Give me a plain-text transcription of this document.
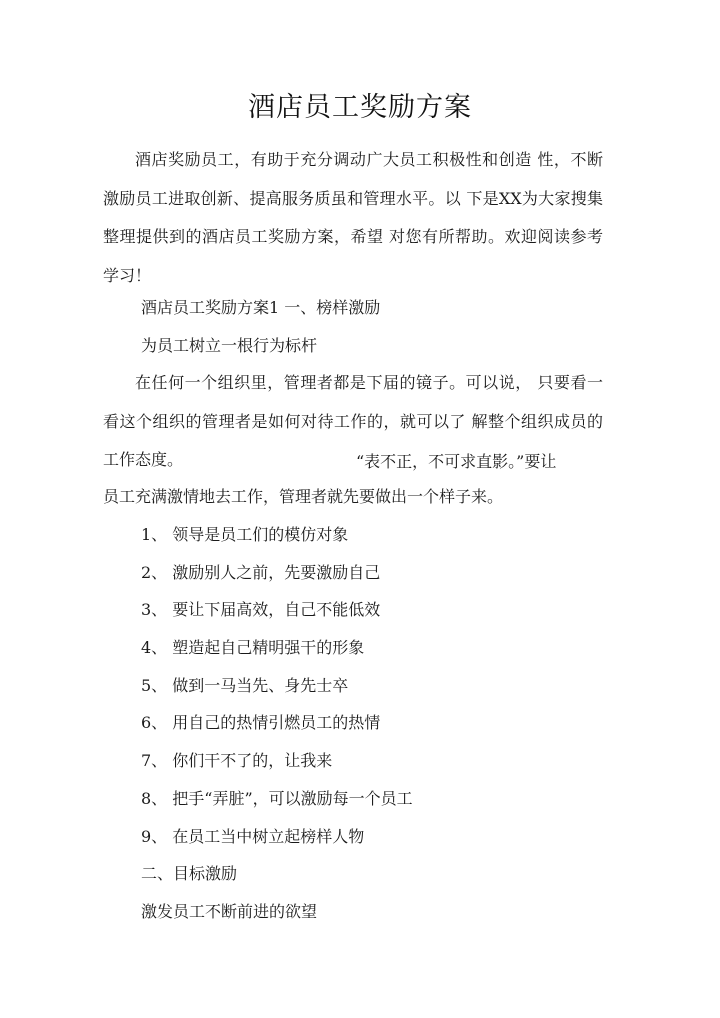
酒店员工奖励方案

酒店奖励员工，有助于充分调动广大员工积极性和创造 性，不断激励员工进取创新、提高服务质虽和管理水平。以 下是XX为大家搜集整理提供到的酒店员工奖励方案，希望 对您有所帮助。欢迎阅读参考学习！

酒店员工奖励方案1 一、榜样激励
为员工树立一根行为标杆

在任何一个组织里，管理者都是下届的镜子。可以说， 只要看一看这个组织的管理者是如何对待工作的，就可以了 解整个组织成员的工作态度。	“表不正，不可求直影。”要让
员工充满激情地去工作，管理者就先要做出一个样子来。
1、 领导是员工们的模仿对象
2、 激励别人之前，先要激励自己
3、 要让下届高效，自己不能低效
4、 塑造起自己精明强干的形象
5、 做到一马当先、身先士卒
6、 用自己的热情引燃员工的热情
7、 你们干不了的，让我来
8、 把手“弄脏”，可以激励每一个员工
9、 在员工当中树立起榜样人物
二、目标激励
激发员工不断前进的欲望
